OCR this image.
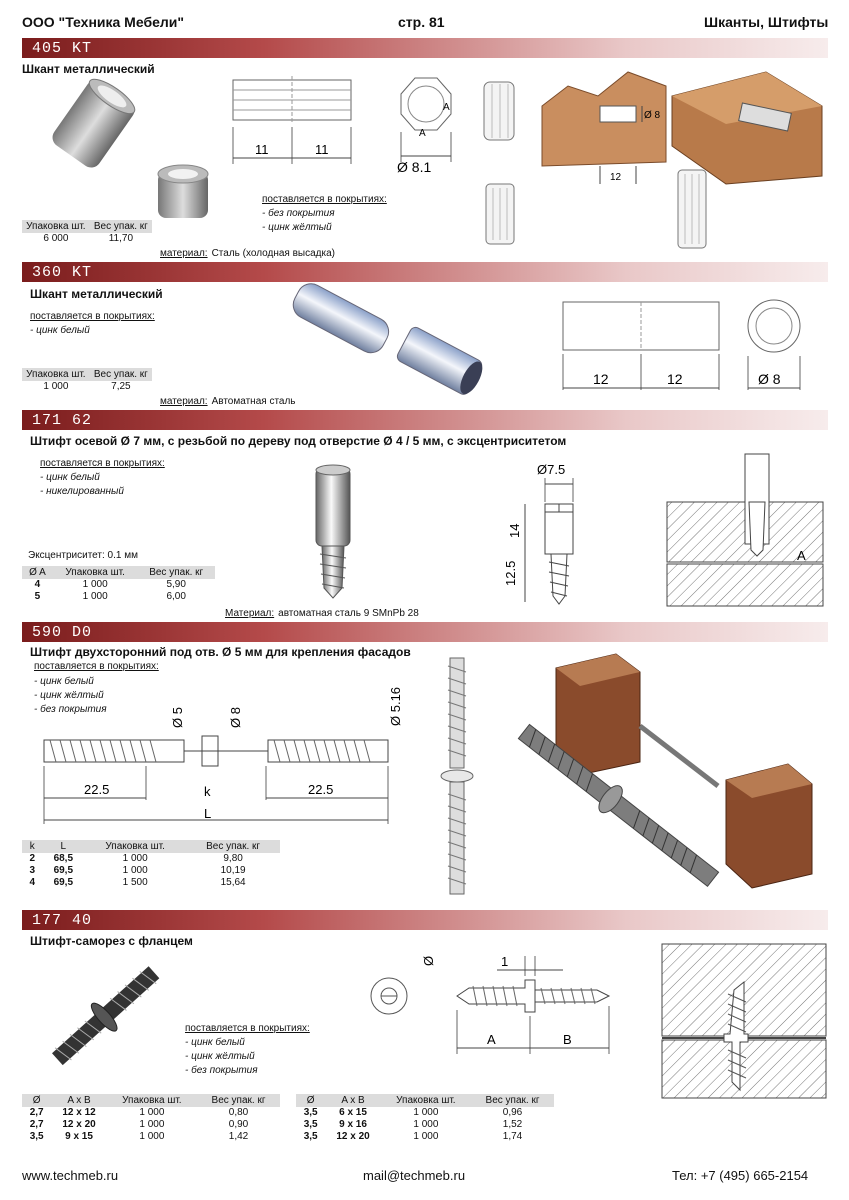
ООО "Техника Мебели"	стр. 81	Шканты, Штифты
405 KT
Шкант металлический
11	11
A
A
Ø 8.1
Ø 8
12
поставляется в покрытиях:
- без покрытия
- цинк жёлтый
Упаковка шт.	Вес упак. кг
6 000	11,70
материал: Сталь (холодная высадка)
360 KT
Шкант металлический
поставляется в покрытиях:
- цинк белый
12	12	Ø 8
Упаковка шт.	Вес упак. кг
1 000	7,25
материал: Автоматная сталь
171 62
Штифт осевой Ø 7 мм, с резьбой по дереву под отверстие Ø 4 / 5 мм, с эксцентриситетом
поставляется в покрытиях:
- цинк белый
- никелированный
Ø7.5
14
12.5
A
Эксцентриситет: 0.1 мм
Ø A	Упаковка шт.	Вес упак. кг
4	1 000	5,90
5	1 000	6,00
Материал: автоматная сталь 9 SMnPb 28
590 D0
Штифт двухсторонний под отв. Ø 5 мм для крепления фасадов
поставляется в покрытиях:
- цинк белый
- цинк жёлтый
- без покрытия
22.5	22.5
L
k
Ø 5	Ø 8	Ø 5.16
k	L	Упаковка шт.	Вес упак. кг
2	68,5	1 000	9,80
3	69,5	1 000	10,19
4	69,5	1 500	15,64
177 40
Штифт-саморез с фланцем
поставляется в покрытиях:
- цинк белый
- цинк жёлтый
- без покрытия
1
Ø
A	B
Ø	A x B	Упаковка шт.	Вес упак. кг
2,7	12 x 12	1 000	0,80
2,7	12 x 20	1 000	0,90
3,5	9 x 15	1 000	1,42
Ø	A x B	Упаковка шт.	Вес упак. кг
3,5	6 x 15	1 000	0,96
3,5	9 x 16	1 000	1,52
3,5	12 x 20	1 000	1,74
www.techmeb.ru	mail@techmeb.ru	Тел: +7 (495) 665-2154
